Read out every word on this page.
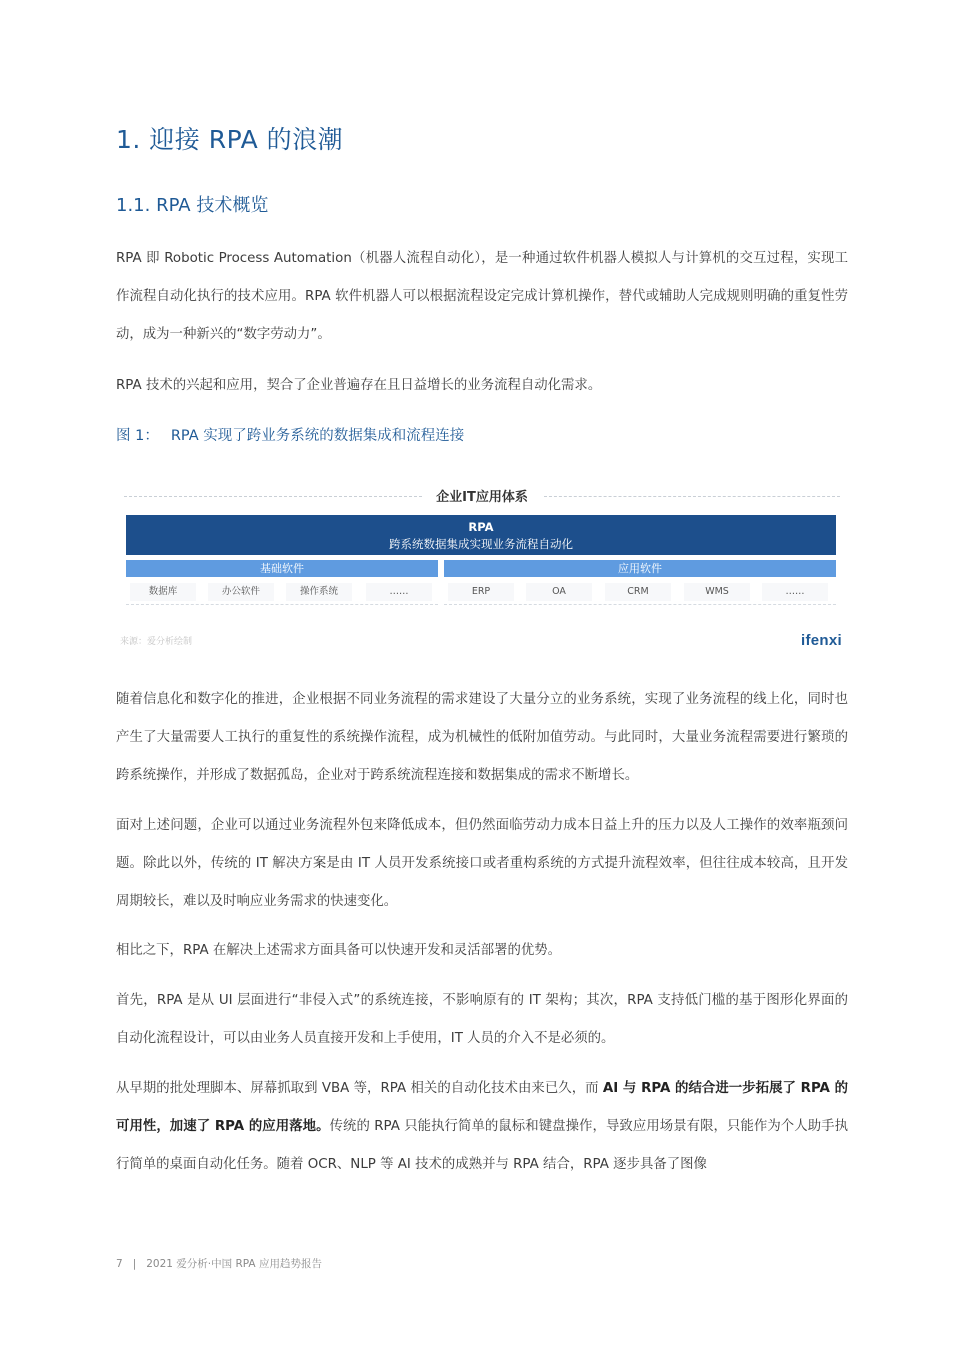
1. 迎接 RPA 的浪潮
1.1. RPA 技术概览

RPA 即 Robotic Process Automation（机器人流程自动化），是一种通过软件机器人模拟人与计算机的交互过程，实现工作流程自动化执行的技术应用。RPA 软件机器人可以根据流程设定完成计算机操作，替代或辅助人完成规则明确的重复性劳动，成为一种新兴的“数字劳动力”。

RPA 技术的兴起和应用，契合了企业普遍存在且日益增长的业务流程自动化需求。

图 1： RPA 实现了跨业务系统的数据集成和流程连接
企业IT应用体系
RPA
跨系统数据集成实现业务流程自动化
基础软件	应用软件
数据库	办公软件	操作系统	……	ERP	OA	CRM	WMS	……
来源：爱分析绘制	ifenxi

随着信息化和数字化的推进，企业根据不同业务流程的需求建设了大量分立的业务系统，实现了业务流程的线上化，同时也产生了大量需要人工执行的重复性的系统操作流程，成为机械性的低附加值劳动。与此同时，大量业务流程需要进行繁琐的跨系统操作，并形成了数据孤岛，企业对于跨系统流程连接和数据集成的需求不断增长。

面对上述问题，企业可以通过业务流程外包来降低成本，但仍然面临劳动力成本日益上升的压力以及人工操作的效率瓶颈问题。除此以外，传统的 IT 解决方案是由 IT 人员开发系统接口或者重构系统的方式提升流程效率，但往往成本较高，且开发周期较长，难以及时响应业务需求的快速变化。

相比之下，RPA 在解决上述需求方面具备可以快速开发和灵活部署的优势。

首先，RPA 是从 UI 层面进行“非侵入式”的系统连接，不影响原有的 IT 架构；其次，RPA 支持低门槛的基于图形化界面的自动化流程设计，可以由业务人员直接开发和上手使用，IT 人员的介入不是必须的。

从早期的批处理脚本、屏幕抓取到 VBA 等，RPA 相关的自动化技术由来已久，而 AI 与 RPA 的结合进一步拓展了 RPA 的可用性，加速了 RPA 的应用落地。传统的 RPA 只能执行简单的鼠标和键盘操作，导致应用场景有限，只能作为个人助手执行简单的桌面自动化任务。随着 OCR、NLP 等 AI 技术的成熟并与 RPA 结合，RPA 逐步具备了图像

7 | 2021 爱分析·中国 RPA 应用趋势报告
